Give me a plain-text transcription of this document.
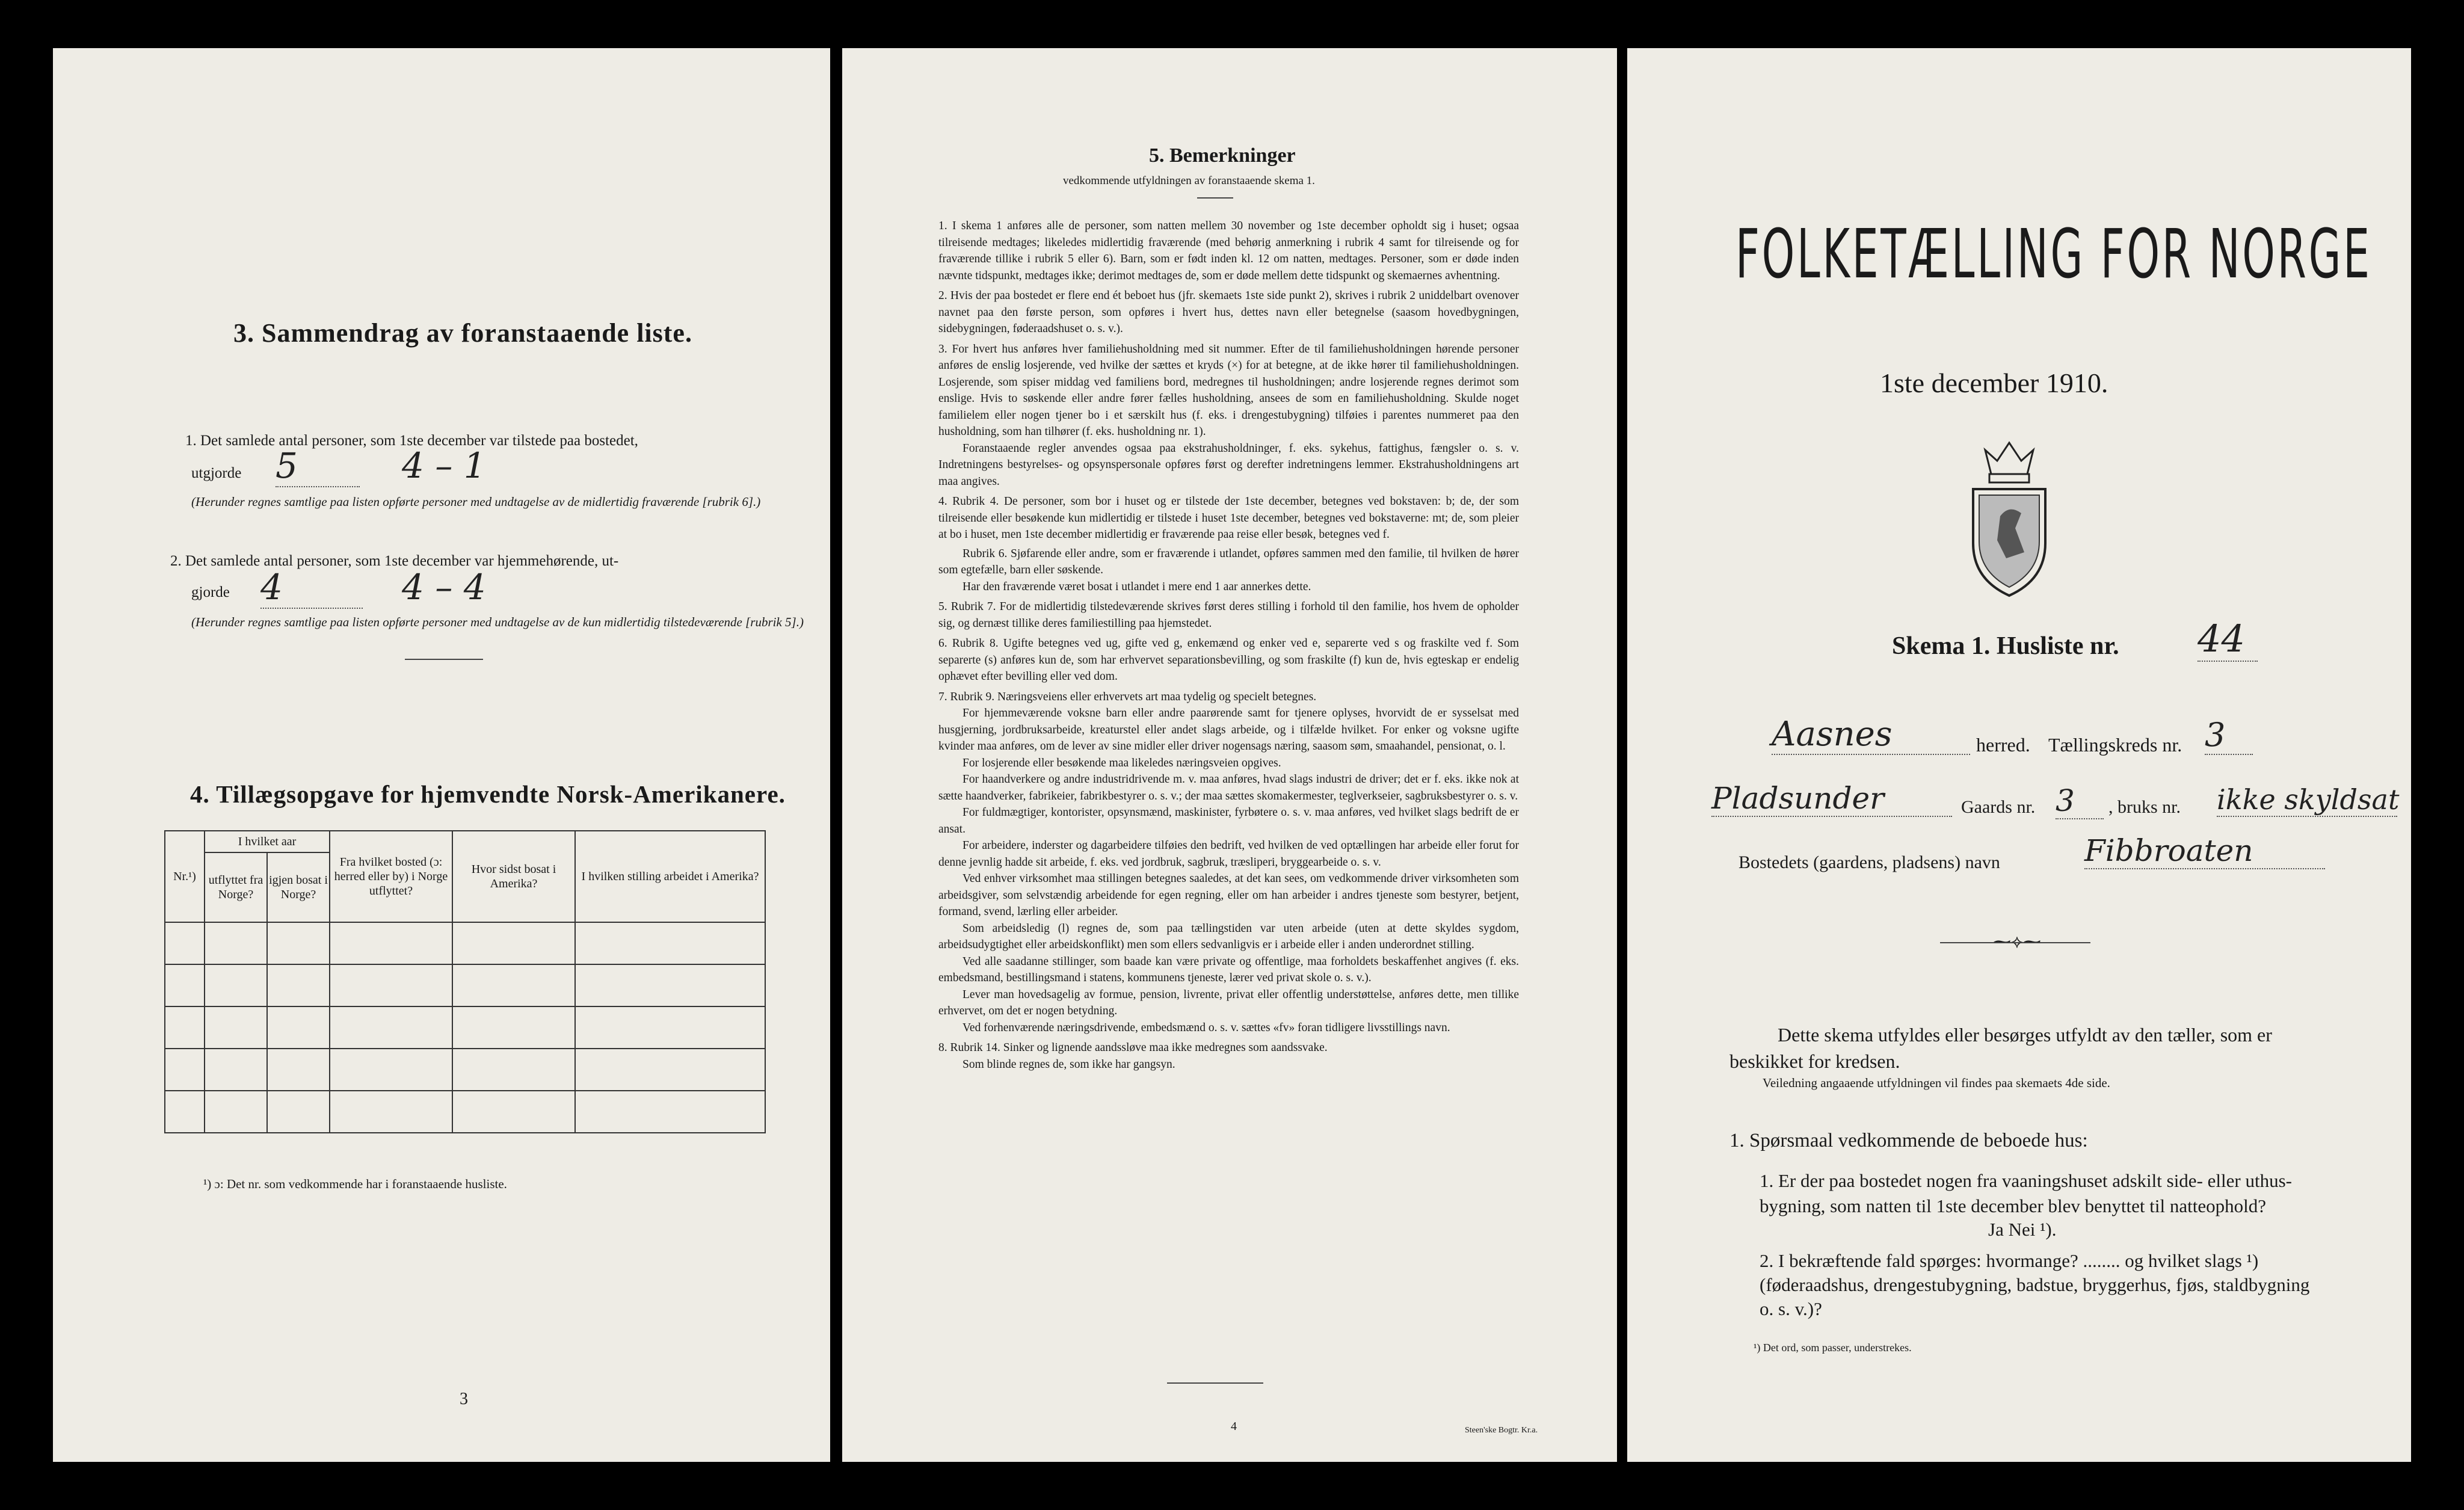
3. Sammendrag av foranstaaende liste.
1. Det samlede antal personer, som 1ste december var tilstede paa bostedet,
utgjorde 5	4 – 1
(Herunder regnes samtlige paa listen opførte personer med undtagelse av de midlertidig fraværende [rubrik 6].)
2. Det samlede antal personer, som 1ste december var hjemmehørende, ut-
gjorde 4	4 – 4
(Herunder regnes samtlige paa listen opførte personer med undtagelse av de kun midlertidig tilstedeværende [rubrik 5].)
4. Tillægsopgave for hjemvendte Norsk-Amerikanere.
Nr.¹)	I hvilket aar		Fra hvilket bosted (ɔ: herred eller by) i Norge utflyttet?	Hvor sidst bosat i Amerika?	I hvilken stilling arbeidet i Amerika?
	utflyttet fra Norge?	igjen bosat i Norge?			

¹) ɔ: Det nr. som vedkommende har i foranstaaende husliste.
3
5. Bemerkninger
vedkommende utfyldningen av foranstaaende skema 1.

1. I skema 1 anføres alle de personer, som natten mellem 30 november og 1ste december opholdt sig i huset; ogsaa tilreisende medtages; likeledes midlertidig fraværende (med behørig anmerkning i rubrik 4 samt for tilreisende og for fraværende tillike i rubrik 5 eller 6). Barn, som er født inden kl. 12 om natten, medtages. Personer, som er døde inden nævnte tidspunkt, medtages ikke; derimot medtages de, som er døde mellem dette tidspunkt og skemaernes avhentning.

2. Hvis der paa bostedet er flere end ét beboet hus (jfr. skemaets 1ste side punkt 2), skrives i rubrik 2 uniddelbart ovenover navnet paa den første person, som opføres i hvert hus, dettes navn eller betegnelse (saasom hovedbygningen, sidebygningen, føderaadshuset o. s. v.).

3. For hvert hus anføres hver familiehusholdning med sit nummer. Efter de til familiehusholdningen hørende personer anføres de enslig losjerende, ved hvilke der sættes et kryds (×) for at betegne, at de ikke hører til familiehusholdningen. Losjerende, som spiser middag ved familiens bord, medregnes til husholdningen; andre losjerende regnes derimot som enslige. Hvis to søskende eller andre fører fælles husholdning, ansees de som en familiehusholdning. Skulde noget familielem eller nogen tjener bo i et særskilt hus (f. eks. i drengestubygning) tilføies i parentes nummeret paa den husholdning, som han tilhører (f. eks. husholdning nr. 1).

Foranstaaende regler anvendes ogsaa paa ekstrahusholdninger, f. eks. sykehus, fattighus, fængsler o. s. v. Indretningens bestyrelses- og opsynspersonale opføres først og derefter indretningens lemmer. Ekstrahusholdningens art maa angives.

4. Rubrik 4. De personer, som bor i huset og er tilstede der 1ste december, betegnes ved bokstaven: b; de, der som tilreisende eller besøkende kun midlertidig er tilstede i huset 1ste december, betegnes ved bokstaverne: mt; de, som pleier at bo i huset, men 1ste december midlertidig er fraværende paa reise eller besøk, betegnes ved f.

Rubrik 6. Sjøfarende eller andre, som er fraværende i utlandet, opføres sammen med den familie, til hvilken de hører som egtefælle, barn eller søskende.

Har den fraværende været bosat i utlandet i mere end 1 aar annerkes dette.

5. Rubrik 7. For de midlertidig tilstedeværende skrives først deres stilling i forhold til den familie, hos hvem de opholder sig, og dernæst tillike deres familiestilling paa hjemstedet.

6. Rubrik 8. Ugifte betegnes ved ug, gifte ved g, enkemænd og enker ved e, separerte ved s og fraskilte ved f. Som separerte (s) anføres kun de, som har erhvervet separationsbevilling, og som fraskilte (f) kun de, hvis egteskap er endelig ophævet efter bevilling eller ved dom.

7. Rubrik 9. Næringsveiens eller erhvervets art maa tydelig og specielt betegnes.

For hjemmeværende voksne barn eller andre paarørende samt for tjenere oplyses, hvorvidt de er sysselsat med husgjerning, jordbruksarbeide, kreaturstel eller andet slags arbeide, og i tilfælde hvilket. For enker og voksne ugifte kvinder maa anføres, om de lever av sine midler eller driver nogensags næring, saasom søm, smaahandel, pensionat, o. l.

For losjerende eller besøkende maa likeledes næringsveien opgives.

For haandverkere og andre industridrivende m. v. maa anføres, hvad slags industri de driver; det er f. eks. ikke nok at sætte haandverker, fabrikeier, fabrikbestyrer o. s. v.; der maa sættes skomakermester, teglverkseier, sagbruksbestyrer o. s. v.

For fuldmægtiger, kontorister, opsynsmænd, maskinister, fyrbøtere o. s. v. maa anføres, ved hvilket slags bedrift de er ansat.

For arbeidere, inderster og dagarbeidere tilføies den bedrift, ved hvilken de ved optællingen har arbeide eller forut for denne jevnlig hadde sit arbeide, f. eks. ved jordbruk, sagbruk, træsliperi, bryggearbeide o. s. v.

Ved enhver virksomhet maa stillingen betegnes saaledes, at det kan sees, om vedkommende driver virksomheten som arbeidsgiver, som selvstændig arbeidende for egen regning, eller om han arbeider i andres tjeneste som bestyrer, betjent, formand, svend, lærling eller arbeider.

Som arbeidsledig (l) regnes de, som paa tællingstiden var uten arbeide (uten at dette skyldes sygdom, arbeidsudygtighet eller arbeidskonflikt) men som ellers sedvanligvis er i arbeide eller i anden underordnet stilling.

Ved alle saadanne stillinger, som baade kan være private og offentlige, maa forholdets beskaffenhet angives (f. eks. embedsmand, bestillingsmand i statens, kommunens tjeneste, lærer ved privat skole o. s. v.).

Lever man hovedsagelig av formue, pension, livrente, privat eller offentlig understøttelse, anføres dette, men tillike erhvervet, om det er nogen betydning.

Ved forhenværende næringsdrivende, embedsmænd o. s. v. sættes «fv» foran tidligere livsstillings navn.

8. Rubrik 14. Sinker og lignende aandssløve maa ikke medregnes som aandssvake.

Som blinde regnes de, som ikke har gangsyn.

4	Steen'ske Bogtr. Kr.a.
FOLKETÆLLING FOR NORGE
1ste december 1910.
Skema 1. Husliste nr. 44
Aasnes	herred. Tællingskreds nr. 3
Pladsunder	Gaards nr. 3	, bruks nr. ikke skyldsat
Bostedets (gaardens, pladsens) navn	Fibbroaten
⁓⟡⁓
Dette skema utfyldes eller besørges utfyldt av den tæller, som er beskikket for kredsen.
Veiledning angaaende utfyldningen vil findes paa skemaets 4de side.
1. Spørsmaal vedkommende de beboede hus:
1. Er der paa bostedet nogen fra vaaningshuset adskilt side- eller uthus-bygning, som natten til 1ste december blev benyttet til natteophold?
Ja Nei ¹).
2. I bekræftende fald spørges: hvormange? ........ og hvilket slags ¹) (føderaadshus, drengestubygning, badstue, bryggerhus, fjøs, staldbygning o. s. v.)?
¹) Det ord, som passer, understrekes.
